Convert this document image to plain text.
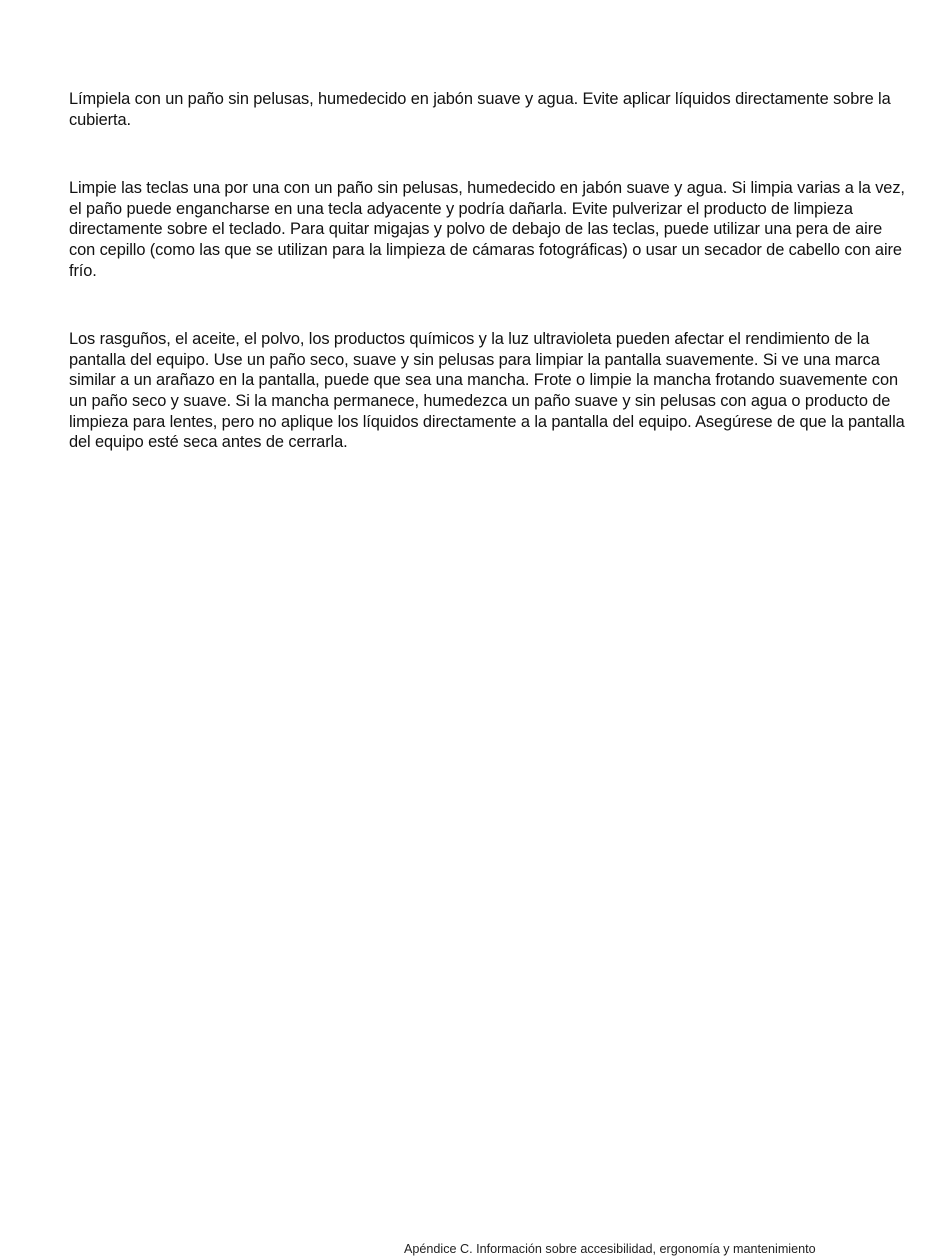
Límpiela con un paño sin pelusas, humedecido en jabón suave y agua. Evite aplicar líquidos directamente sobre la cubierta.

Limpie las teclas una por una con un paño sin pelusas, humedecido en jabón suave y agua. Si limpia varias a la vez, el paño puede engancharse en una tecla adyacente y podría dañarla. Evite pulverizar el producto de limpieza directamente sobre el teclado. Para quitar migajas y polvo de debajo de las teclas, puede utilizar una pera de aire con cepillo (como las que se utilizan para la limpieza de cámaras fotográficas) o usar un secador de cabello con aire frío.

Los rasguños, el aceite, el polvo, los productos químicos y la luz ultravioleta pueden afectar el rendimiento de la pantalla del equipo. Use un paño seco, suave y sin pelusas para limpiar la pantalla suavemente. Si ve una marca similar a un arañazo en la pantalla, puede que sea una mancha. Frote o limpie la mancha frotando suavemente con un paño seco y suave. Si la mancha permanece, humedezca un paño suave y sin pelusas con agua o producto de limpieza para lentes, pero no aplique los líquidos directamente a la pantalla del equipo. Asegúrese de que la pantalla del equipo esté seca antes de cerrarla.

Apéndice C. Información sobre accesibilidad, ergonomía y mantenimiento
